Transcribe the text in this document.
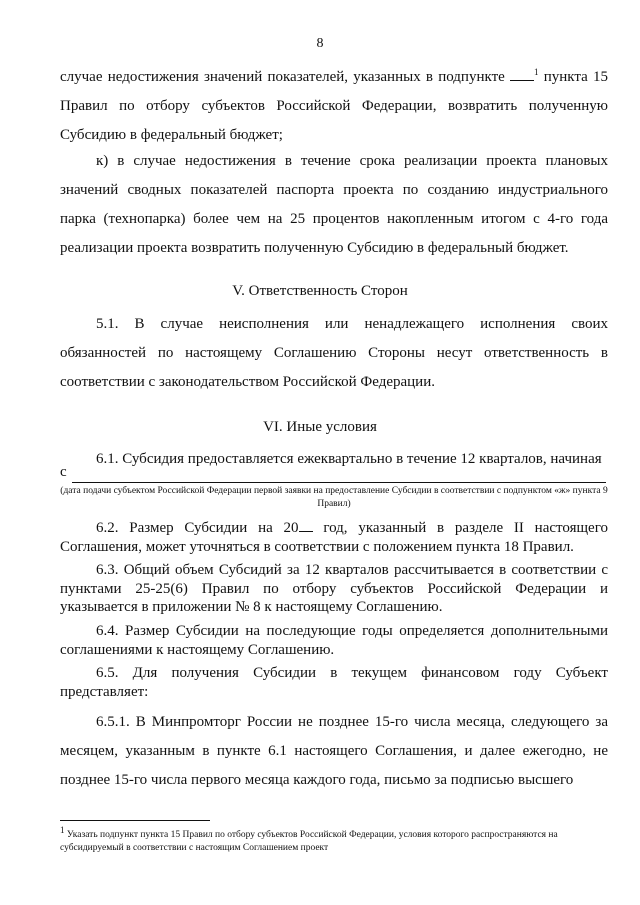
8

случае недостижения значений показателей, указанных в подпункте	$^1$ пункта 15 Правил по отбору субъектов Российской Федерации, возвратить полученную Субсидию в федеральный бюджет;

к) в случае недостижения в течение срока реализации проекта плановых значений сводных показателей паспорта проекта по созданию индустриального парка (технопарка) более чем на 25 процентов накопленным итогом с 4-го года реализации проекта возвратить полученную Субсидию в федеральный бюджет.

V. Ответственность Сторон

5.1. В случае неисполнения или ненадлежащего исполнения своих обязанностей по настоящему Соглашению Стороны несут ответственность в соответствии с законодательством Российской Федерации.

VI. Иные условия

6.1. Субсидия предоставляется ежеквартально в течение 12 кварталов, начиная

с
(дата подачи субъектом Российской Федерации первой заявки на предоставление Субсидии в соответствии с подпунктом «ж» пункта 9 Правил)

6.2. Размер Субсидии на 20 год, указанный в разделе II настоящего Соглашения, может уточняться в соответствии с положением пункта 18 Правил.

6.3. Общий объем Субсидий за 12 кварталов рассчитывается в соответствии с пунктами 25-25(6) Правил по отбору субъектов Российской Федерации и указывается в приложении № 8 к настоящему Соглашению.

6.4. Размер Субсидии на последующие годы определяется дополнительными соглашениями к настоящему Соглашению.

6.5. Для получения Субсидии в текущем финансовом году Субъект представляет:

6.5.1. В Минпромторг России не позднее 15-го числа месяца, следующего за месяцем, указанным в пункте 6.1 настоящего Соглашения, и далее ежегодно, не позднее 15-го числа первого месяца каждого года, письмо за подписью высшего

$^1$ Указать подпункт пункта 15 Правил по отбору субъектов Российской Федерации, условия которого распространяются на субсидируемый в соответствии с настоящим Соглашением проект
